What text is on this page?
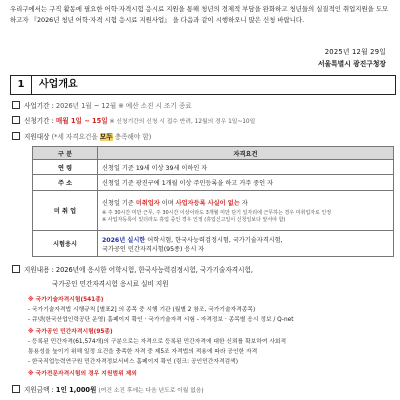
우리구에서는 구직 활동에 필요한 어학·자격시험 응시료 지원을 통해 청년의 경제적 부담을 완화하고 청년들의 실질적인 취업지원을 도모하고자 『2026년 청년 어학·자격 시험 응시료 지원사업』 을 다음과 같이 시행하오니 많은 신청 바랍니다.
2025년 12월 29일
서울특별시 광진구청장
1	사업개요
사업기간 : 2026년 1월 ~ 12월 ※ 예산 소진 시 조기 종료
신청기간 : 매월 1일 ~ 15일 ※ 신청기간의 신청 시 접수 반려, 12월의 경우 1일~10일
지원대상 (*세 자격요건을 모두 충족해야 함)
구 분	자격요건
연 령	신청일 기준 19세 이상 39세 이하인 자
주 소	신청일 기준 광진구에 1개월 이상 주민등록을 하고 거주 중인 자
미 취 업	신청일 기준 미취업자 이며 사업자등록 사실이 없는 자
※ 주 30시간 미만 근무, 주 30시간 이상이라도 3개월 미만 단기 일자리에 근무하는 경우 미취업자로 인정
※ 사업자등록이 있더라도 휴업 중인 경우 인정 (휴업신고일이 신청일보다 앞서야 함)

시험응시	2026년 실시한 어학시험, 한국사능력검정시험, 국가기술자격시험,
국가공인 민간자격시험(95종) 응시 자
지원내용 : 2026년에 응시한 어학시험, 한국사능력검정시험, 국가기술자격시험,
국가공인 민간자격시험 응시료 실비 지원
※ 국가기술자격시험(541종)
- 국가기술자격법 시행규칙 [별표2] 의 종목 중 시행 기관 (월별 2 참조, 국가기술자격종목)
- 큐넷(한국산업인력공단 운영) 홈페이지 확인 · 국가기술자격 시험 - 자격정보 · 종목별 응시 정보 / Q-net
※ 국가공인 민간자격시험(95종)
- 등록된 민간자격(61,574개)의 구분으로는 자격으로 등록된 민간자격에 대한 신뢰를 확보하여 사회적
통용성을 높이기 위해 일정 요건을 충족한 자격 중 제5조 자격법의 적용에 따라 공인한 자격
- 한국직업능력연구원 민간자격정보서비스 홈페이지 확인 (링크: 공인민간자격검색)
※ 국가전문자격시험의 경우 지원범위 제외
지원금액 : 1인 1,000원 (여건 소진 후에는 다음 년도로 이월 없음)
